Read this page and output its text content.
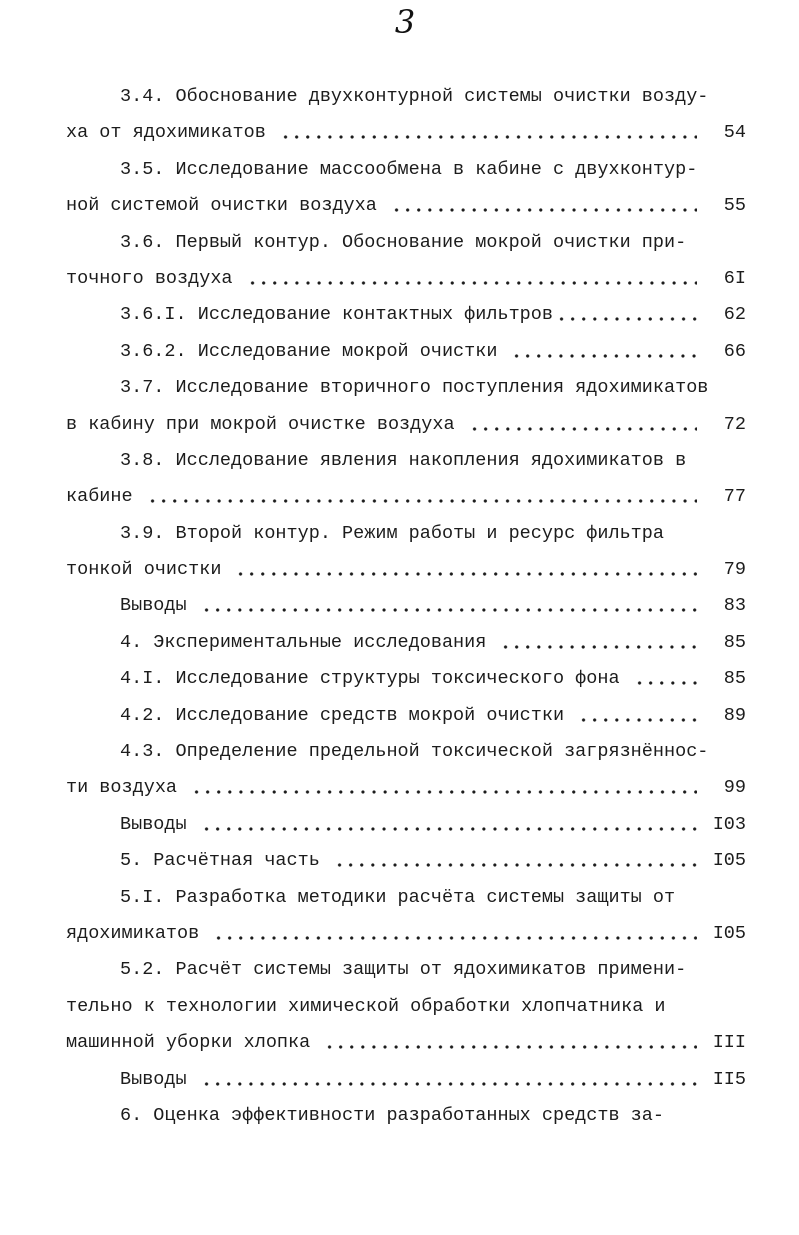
3
3.4. Обоснование двухконтурной системы очистки возду-
ха от ядохимикатов	54
3.5. Исследование массообмена в кабине с двухконтур-
ной системой очистки воздуха	55
3.6. Первый контур. Обоснование мокрой очистки при-
точного воздуха	6I
3.6.I. Исследование контактных фильтров	62
3.6.2. Исследование мокрой очистки	66
3.7. Исследование вторичного поступления ядохимикатов
в кабину при мокрой очистке воздуха	72
3.8. Исследование явления накопления ядохимикатов в
кабине	77
3.9. Второй контур. Режим работы и ресурс фильтра
тонкой очистки	79
Выводы	83
4. Экспериментальные исследования	85
4.I. Исследование структуры токсического фона	85
4.2. Исследование средств мокрой очистки	89
4.3. Определение предельной токсической загрязнённос-
ти воздуха	99
Выводы	I03
5. Расчётная часть	I05
5.I. Разработка методики расчёта системы защиты от
ядохимикатов	I05
5.2. Расчёт системы защиты от ядохимикатов примени-
тельно к технологии химической обработки хлопчатника и
машинной уборки хлопка	III
Выводы	II5
6. Оценка эффективности разработанных средств за-
